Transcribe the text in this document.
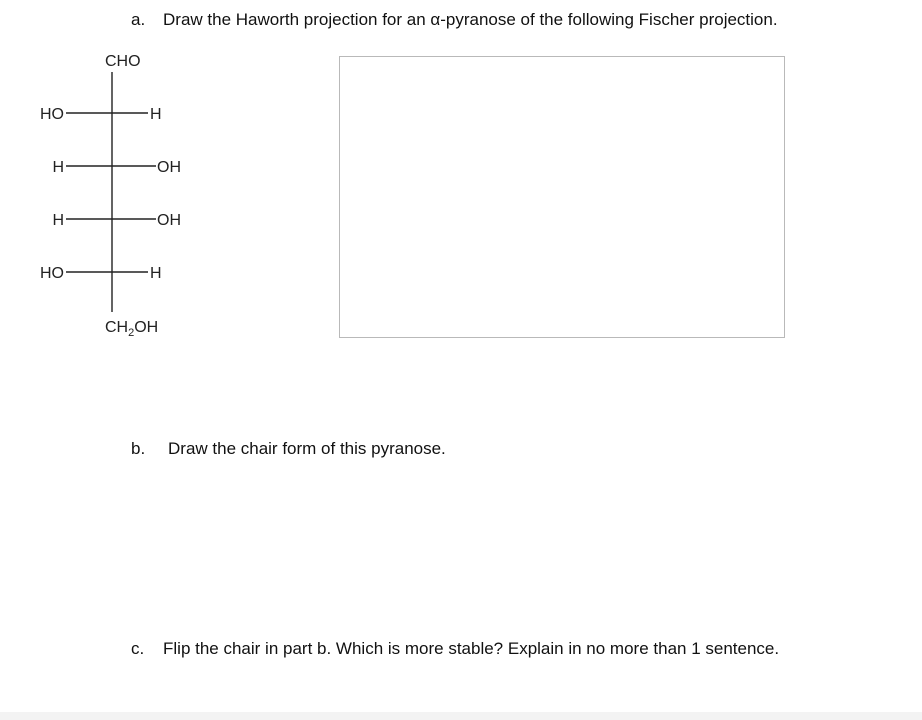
a. Draw the Haworth projection for an α-pyranose of the following Fischer projection.
CHO
HO	H
H	OH
H	OH
HO	H
$CH_2OH$
b. Draw the chair form of this pyranose.
c. Flip the chair in part b. Which is more stable? Explain in no more than 1 sentence.
